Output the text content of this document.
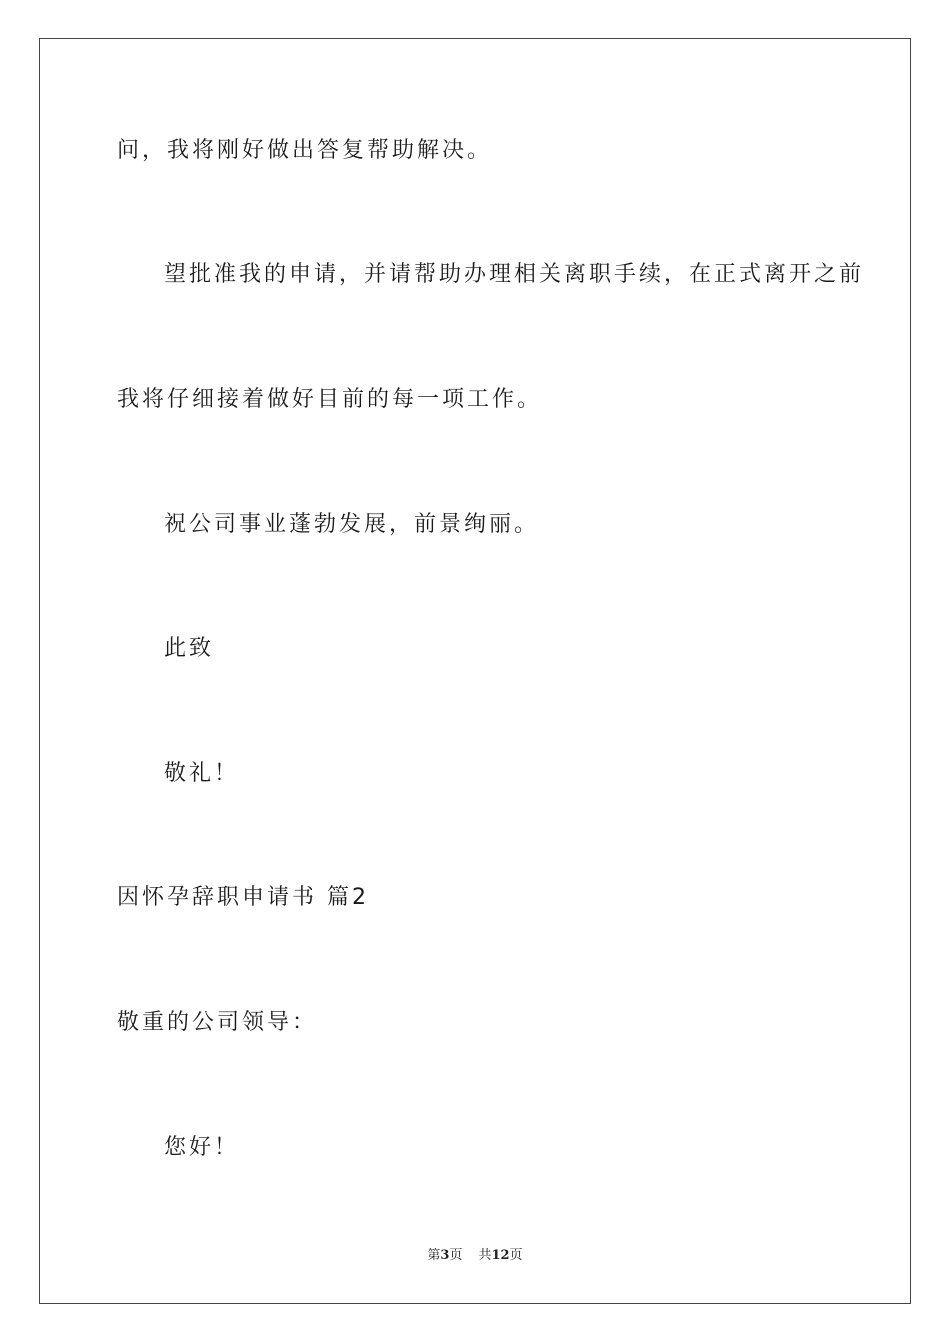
问，我将刚好做出答复帮助解决。
望批准我的申请，并请帮助办理相关离职手续，在正式离开之前
我将仔细接着做好目前的每一项工作。
祝公司事业蓬勃发展，前景绚丽。
此致
敬礼！
因怀孕辞职申请书 篇2
敬重的公司领导：
您好！
第3页 共12页
